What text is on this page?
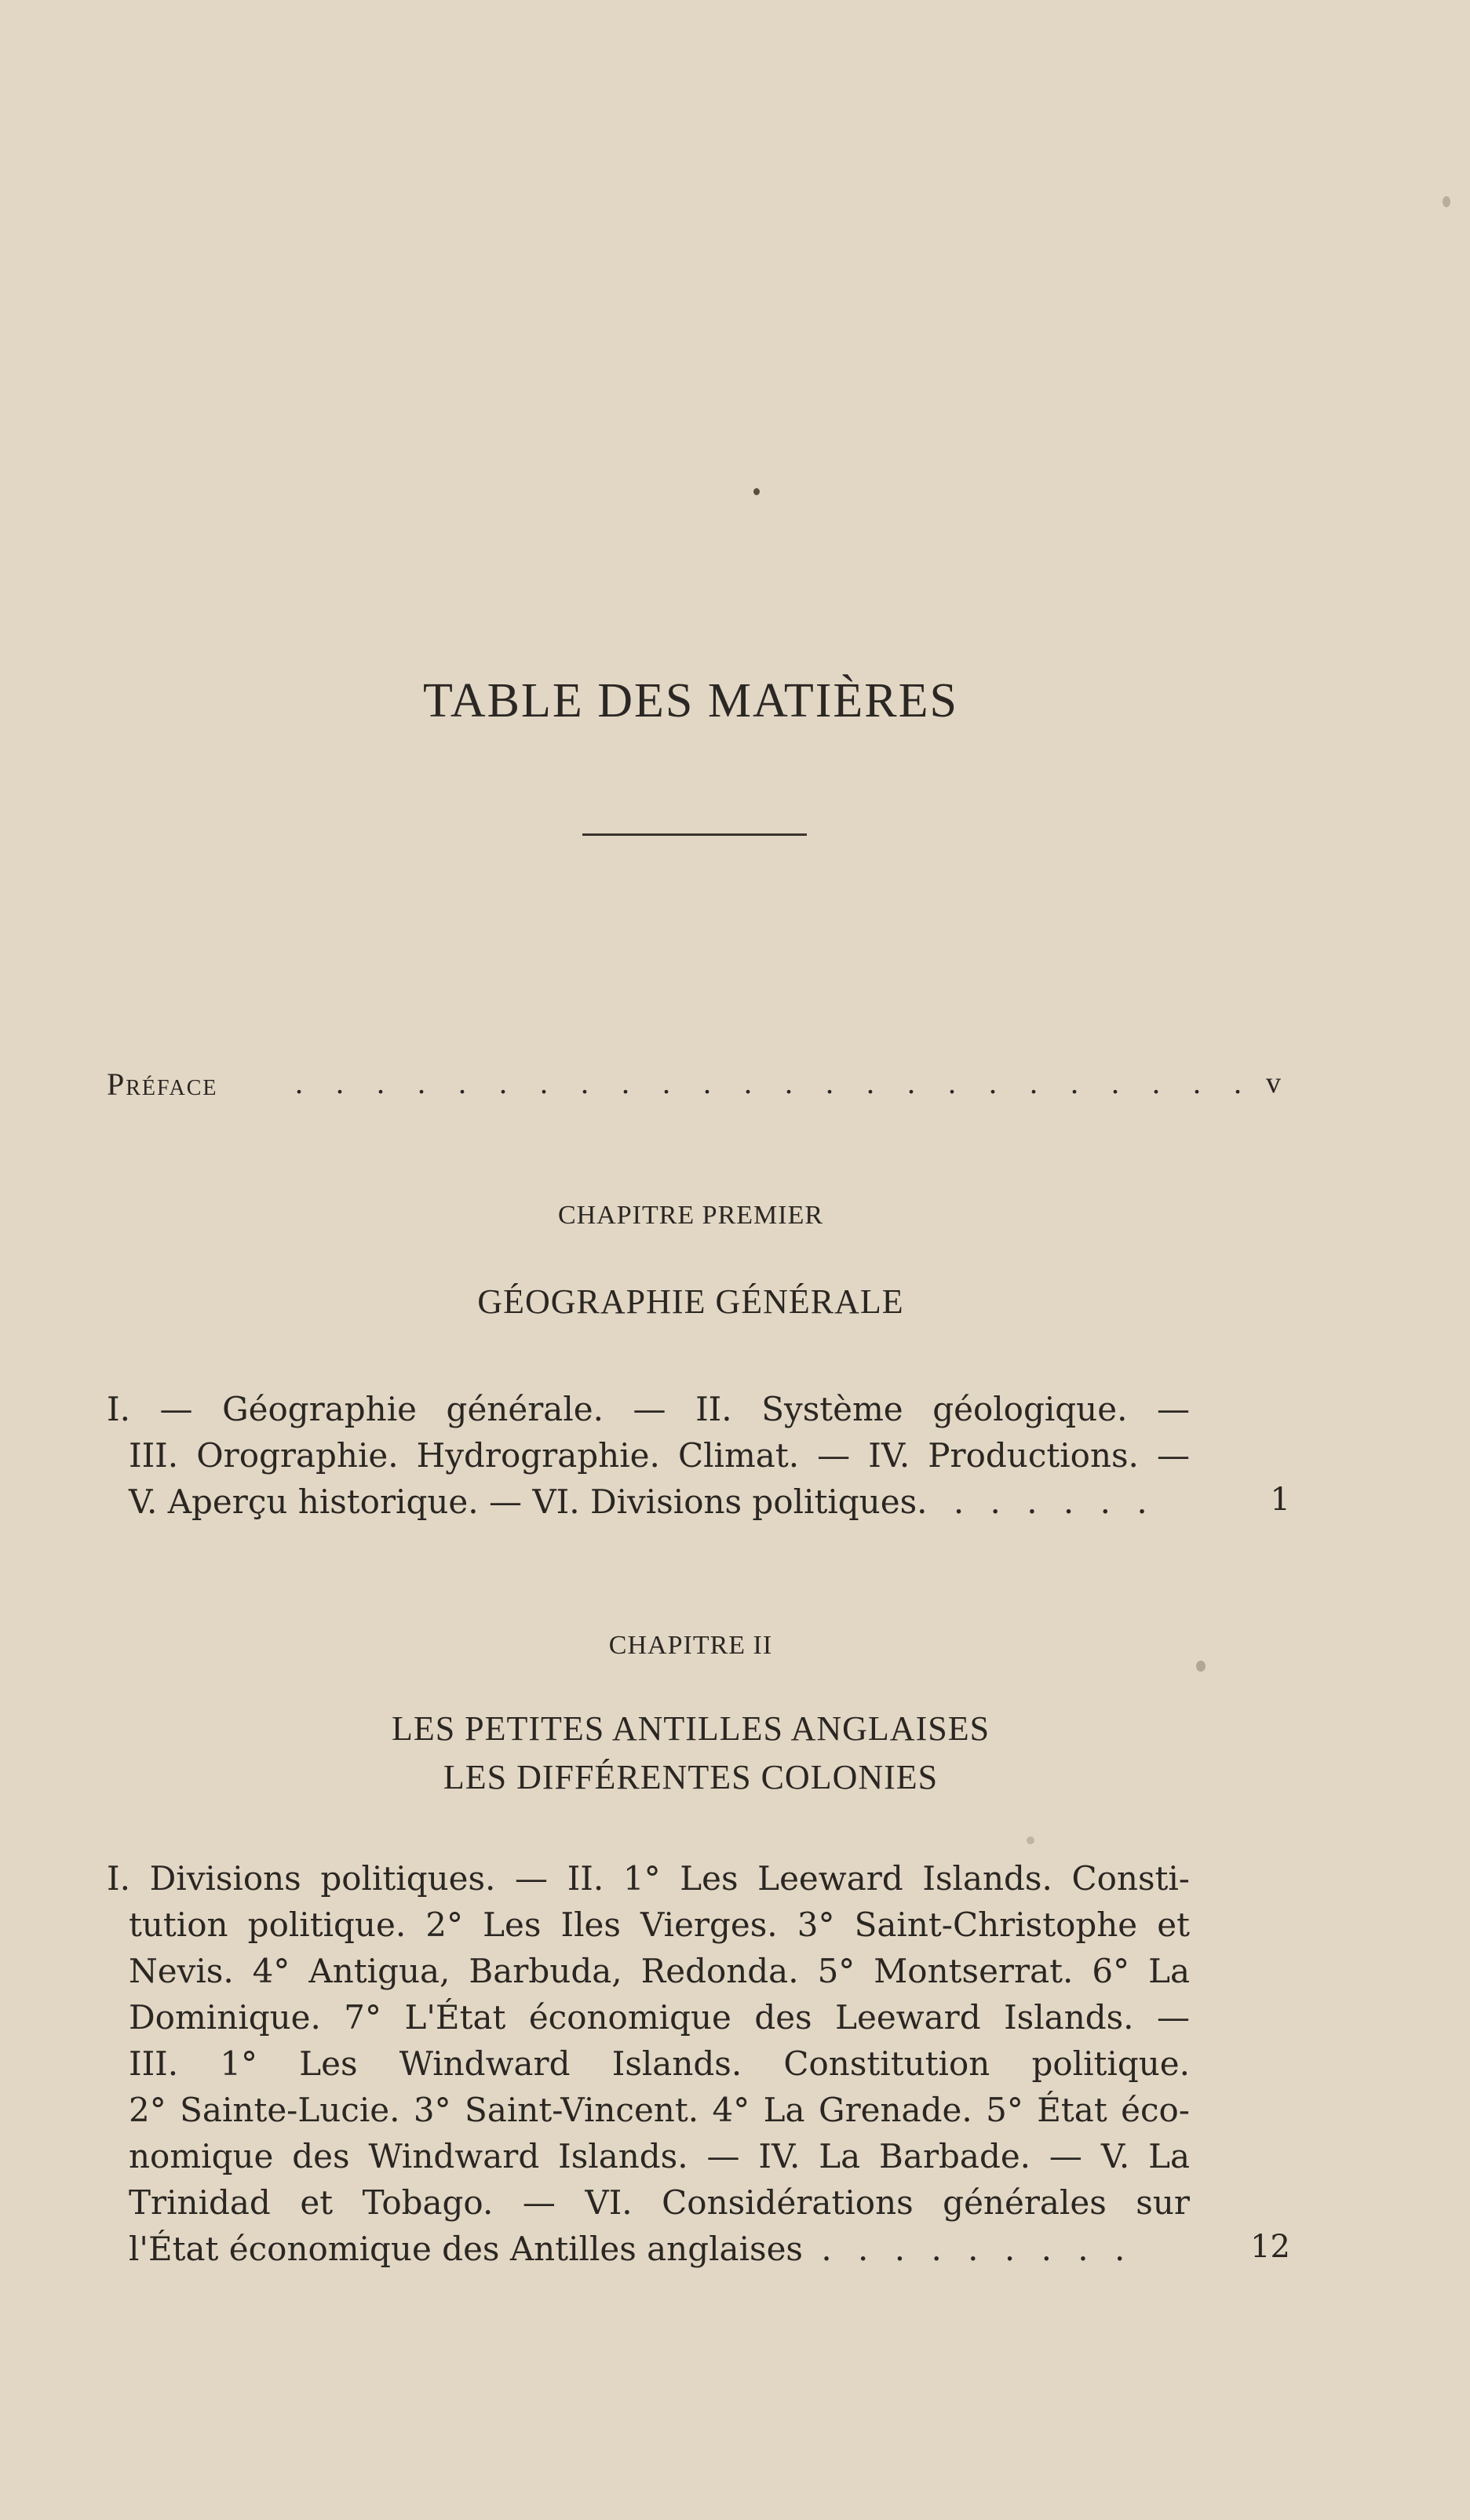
TABLE DES MATIÈRES
Préface . . . . . . . . . . . . . . . . . . . . . . . . v
CHAPITRE PREMIER
GÉOGRAPHIE GÉNÉRALE
I. — Géographie générale. — II. Système géologique. —
III. Orographie. Hydrographie. Climat. — IV. Productions. —
V. Aperçu historique. — VI. Divisions politiques. . . . . . .	1
CHAPITRE II
LES PETITES ANTILLES ANGLAISES
LES DIFFÉRENTES COLONIES
I. Divisions politiques. — II. 1° Les Leeward Islands. Consti-
tution politique. 2° Les Iles Vierges. 3° Saint-Christophe et
Nevis. 4° Antigua, Barbuda, Redonda. 5° Montserrat. 6° La
Dominique. 7° L'État économique des Leeward Islands. —
III. 1° Les Windward Islands. Constitution politique.
2° Sainte-Lucie. 3° Saint-Vincent. 4° La Grenade. 5° État éco-
nomique des Windward Islands. — IV. La Barbade. — V. La
Trinidad et Tobago. — VI. Considérations générales sur
l'État économique des Antilles anglaises . . . . . . . . .	12
